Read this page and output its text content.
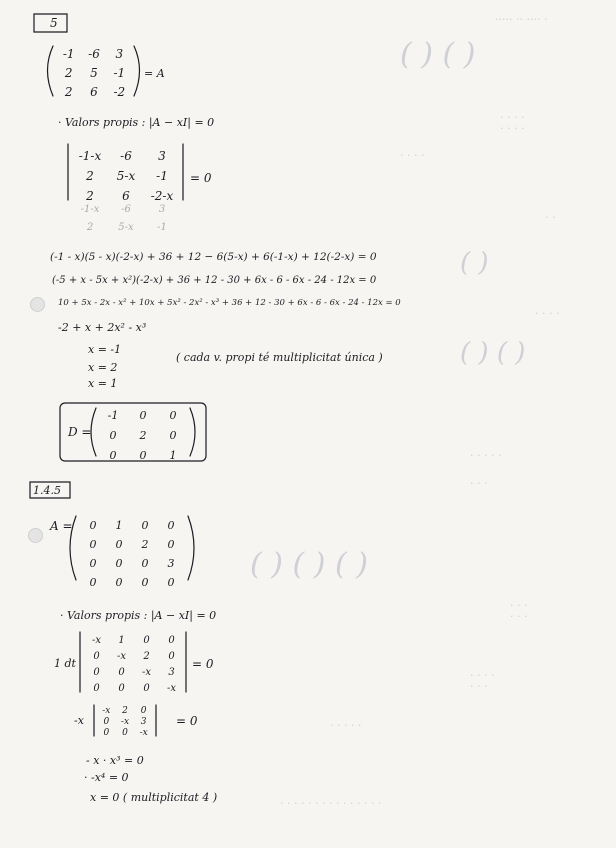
····· ·· ···· ·
( ) ( )
· · · ·
· · · ·
· · · ·
· ·
( )
· · · ·
( ) ( )
· · · · ·
· · ·
( ) ( ) ( )
· · ·
· · ·
· · · ·
· · ·
· · · · ·
· · · · · · · · · · · · · · ·
5
-1	-6	3
2	5	-1
2	6	-2
= A
· Valors propis : |A − xI| = 0
-1-x	-6	3
2	5-x	-1
2	6	-2-x
= 0
-1-x	-6	3
2	5-x	-1
(-1 - x)(5 - x)(-2-x) + 36 + 12 − 6(5-x) + 6(-1-x) + 12(-2-x) = 0
(-5 + x - 5x + x²)(-2-x) + 36 + 12 - 30 + 6x - 6 - 6x - 24 - 12x = 0
10 + 5x - 2x - x² + 10x + 5x² - 2x² - x³ + 36 + 12 - 30 + 6x - 6 - 6x - 24 - 12x = 0
-2 + x + 2x² - x³
x = -1
x = 2
x = 1
( cada v. propi té multiplicitat única )
D =
-1	0	0
0	2	0
0	0	1
1.4.5
A =	0	1	0	0
0	0	2	0
0	0	0	3
0	0	0	0
· Valors propis : |A − xI| = 0
1 dt
-x	1	0	0
0	-x	2	0
0	0	-x	3
0	0	0	-x
= 0
-x
-x	2	0
0	-x	3
0	0	-x
= 0
- x · x³ = 0
· -x⁴ = 0
x = 0 ( multiplicitat 4 )
